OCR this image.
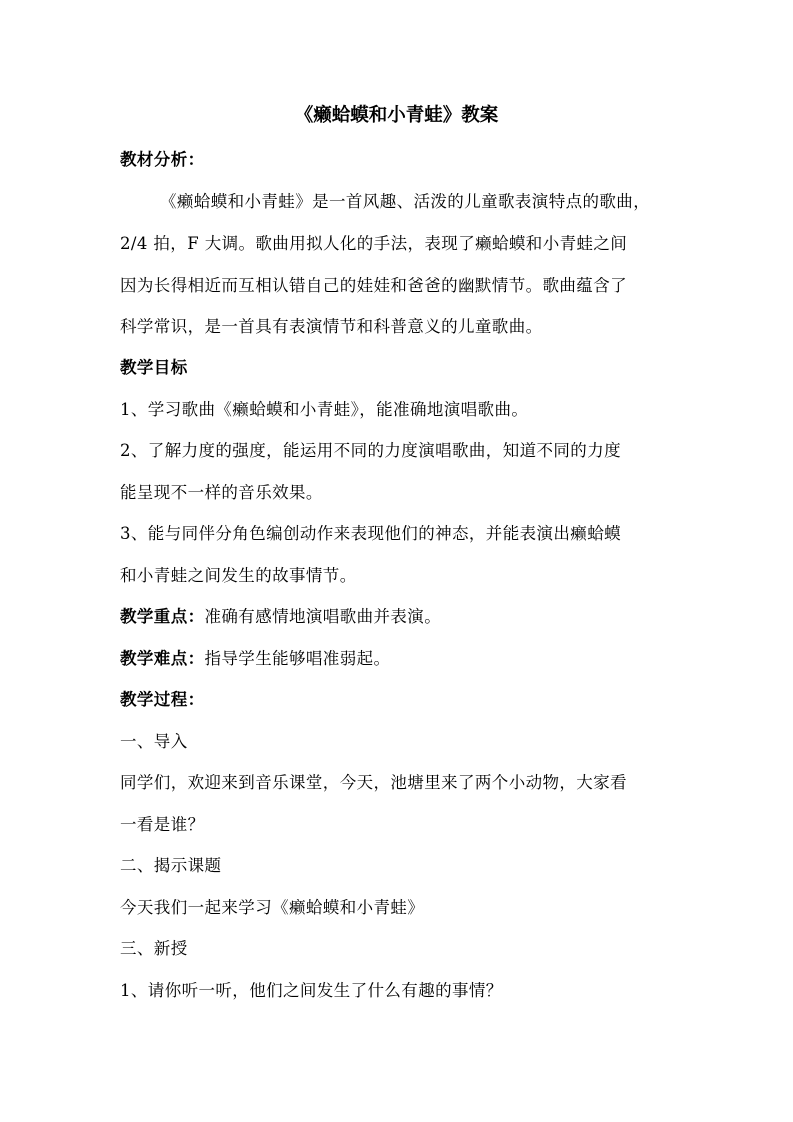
《癞蛤蟆和小青蛙》教案
教材分析：
《癞蛤蟆和小青蛙》是一首风趣、活泼的儿童歌表演特点的歌曲，
2/4 拍，F 大调。歌曲用拟人化的手法，表现了癞蛤蟆和小青蛙之间
因为长得相近而互相认错自己的娃娃和爸爸的幽默情节。歌曲蕴含了
科学常识，是一首具有表演情节和科普意义的儿童歌曲。
教学目标
1、学习歌曲《癞蛤蟆和小青蛙》，能准确地演唱歌曲。
2、了解力度的强度，能运用不同的力度演唱歌曲，知道不同的力度
能呈现不一样的音乐效果。
3、能与同伴分角色编创动作来表现他们的神态，并能表演出癞蛤蟆
和小青蛙之间发生的故事情节。
教学重点：准确有感情地演唱歌曲并表演。
教学难点：指导学生能够唱准弱起。
教学过程：
一、导入
同学们，欢迎来到音乐课堂，今天，池塘里来了两个小动物，大家看
一看是谁？
二、揭示课题
今天我们一起来学习《癞蛤蟆和小青蛙》
三、新授
1、请你听一听，他们之间发生了什么有趣的事情？
